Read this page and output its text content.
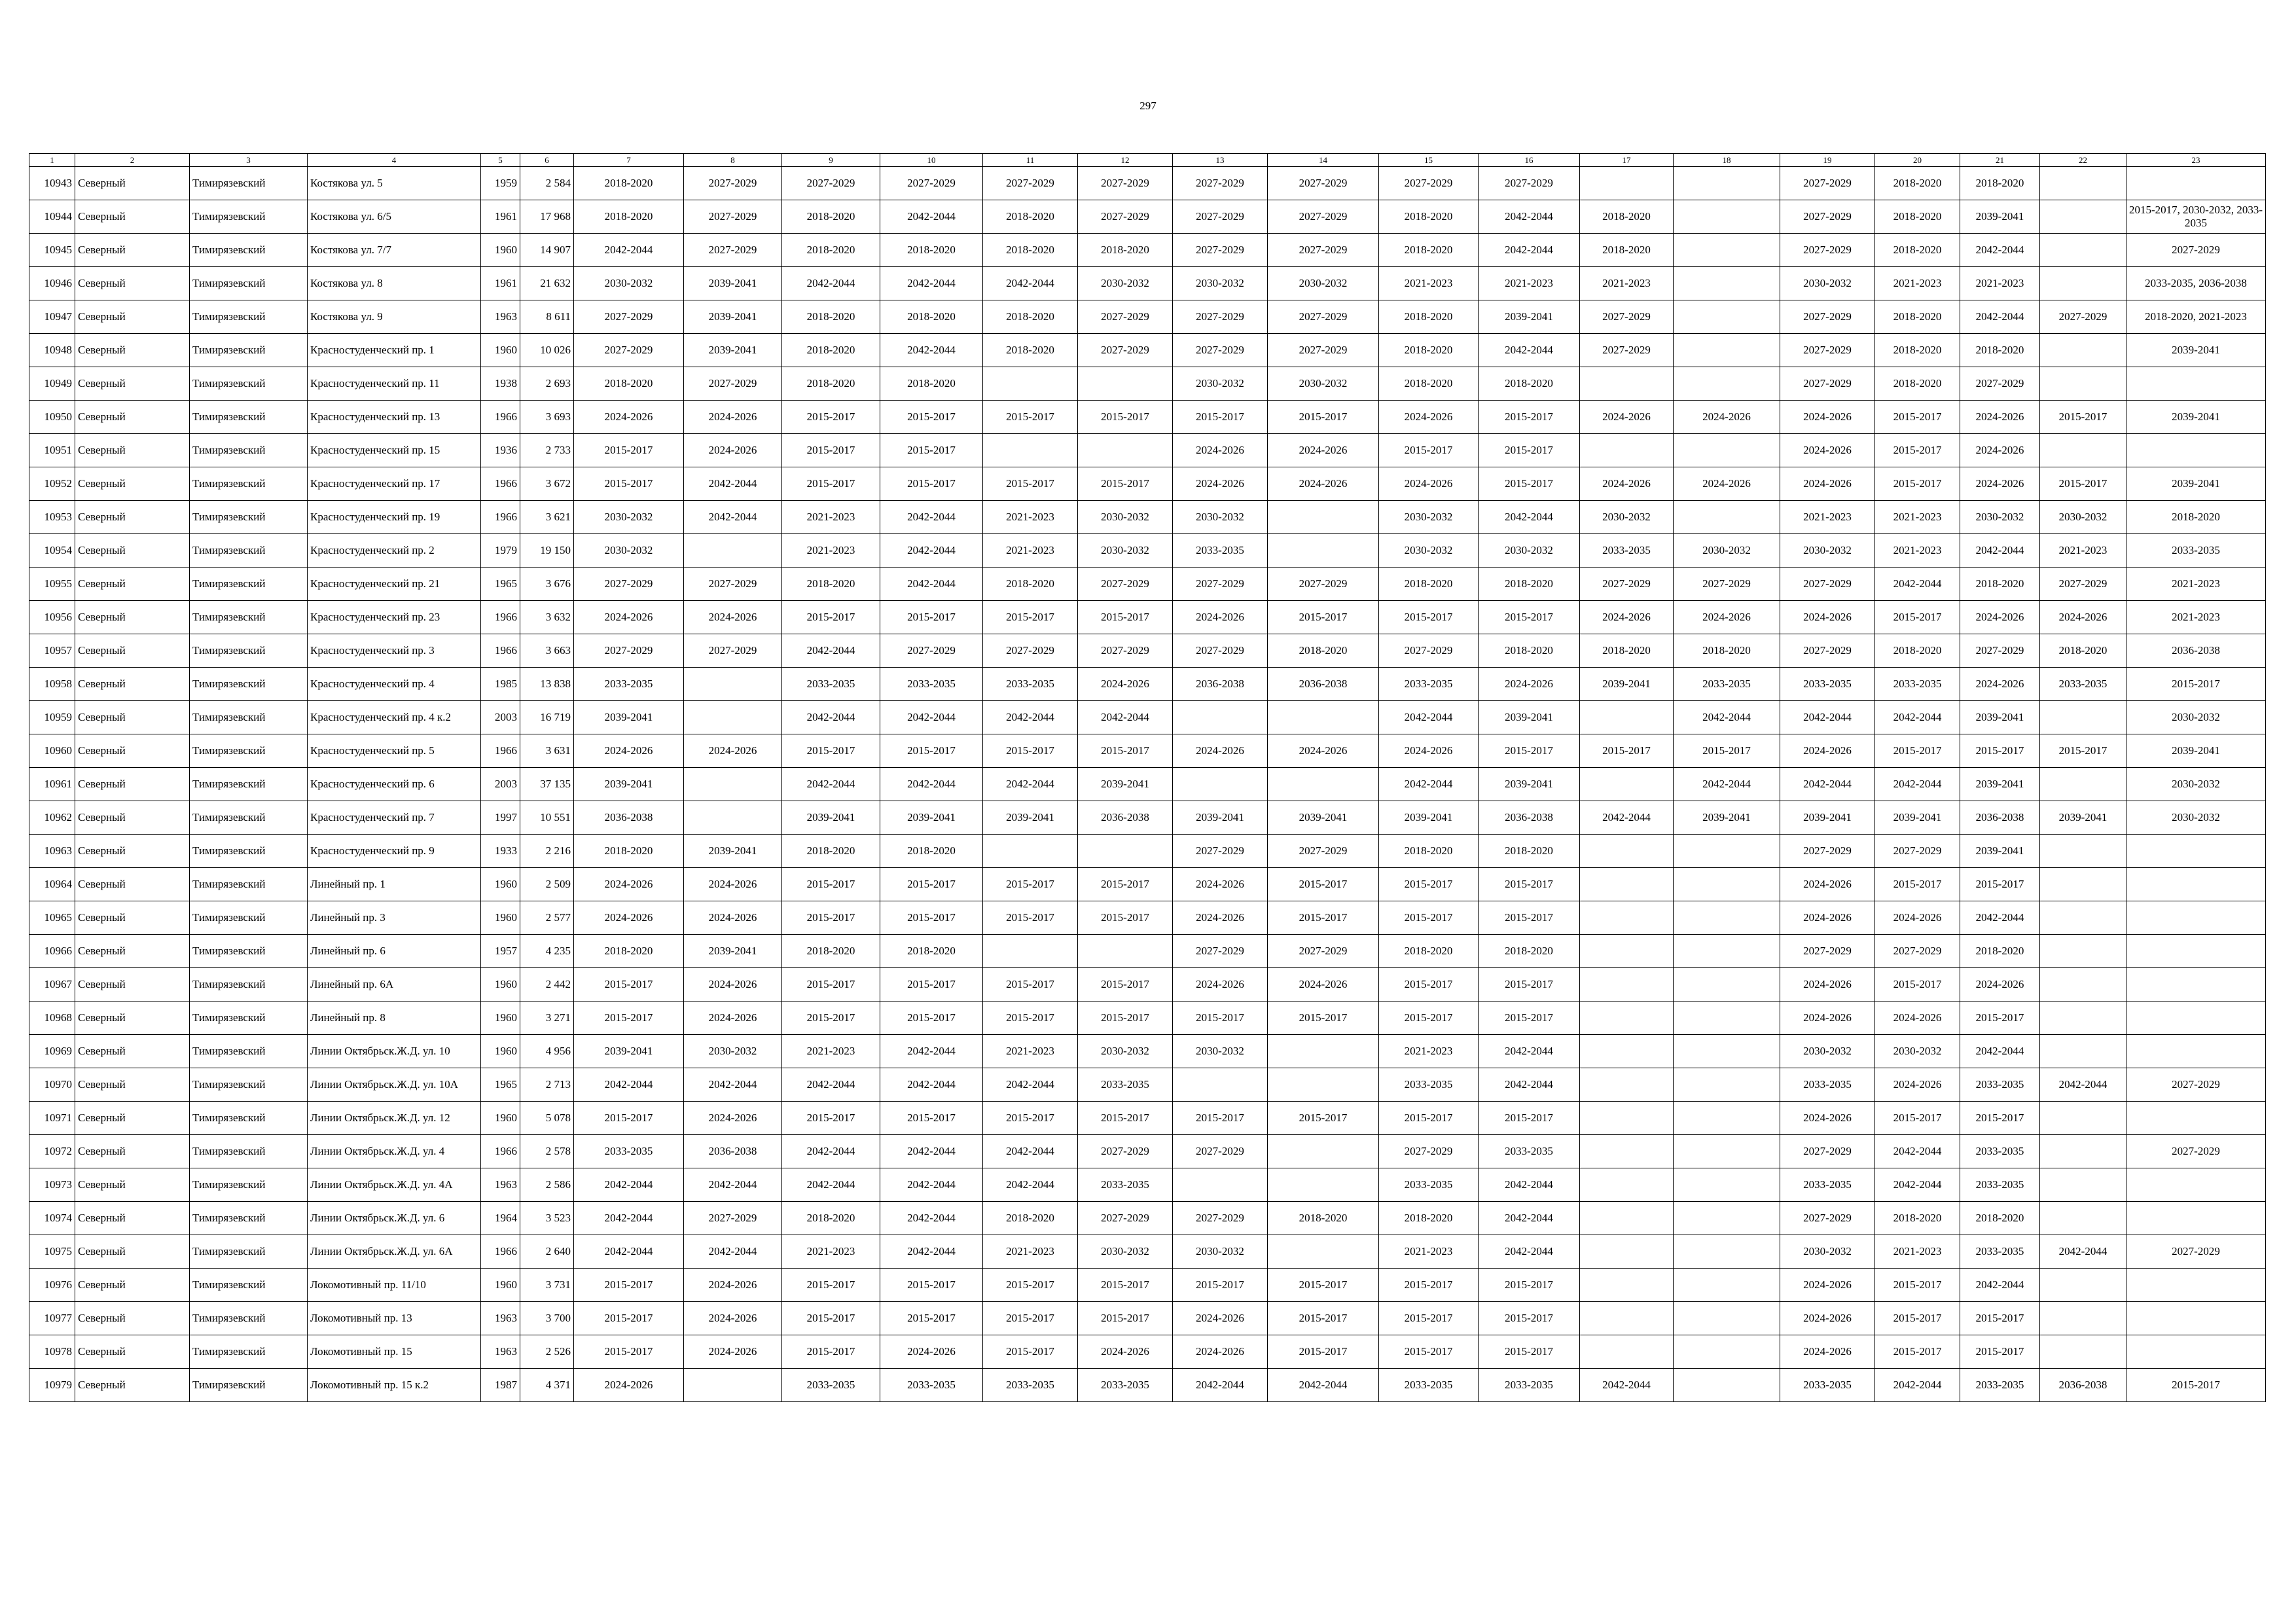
297
1	2	3	4	5	6	7	8	9	10	11	12	13	14	15	16	17	18	19	20	21	22	23
10943	Северный	Тимирязевский	Костякова ул. 5	1959	2 584	2018-2020	2027-2029	2027-2029	2027-2029	2027-2029	2027-2029	2027-2029	2027-2029	2027-2029	2027-2029			2027-2029	2018-2020	2018-2020		
10944	Северный	Тимирязевский	Костякова ул. 6/5	1961	17 968	2018-2020	2027-2029	2018-2020	2042-2044	2018-2020	2027-2029	2027-2029	2027-2029	2018-2020	2042-2044	2018-2020		2027-2029	2018-2020	2039-2041		2015-2017, 2030-2032, 2033-2035
10945	Северный	Тимирязевский	Костякова ул. 7/7	1960	14 907	2042-2044	2027-2029	2018-2020	2018-2020	2018-2020	2018-2020	2027-2029	2027-2029	2018-2020	2042-2044	2018-2020		2027-2029	2018-2020	2042-2044		2027-2029
10946	Северный	Тимирязевский	Костякова ул. 8	1961	21 632	2030-2032	2039-2041	2042-2044	2042-2044	2042-2044	2030-2032	2030-2032	2030-2032	2021-2023	2021-2023	2021-2023		2030-2032	2021-2023	2021-2023		2033-2035, 2036-2038
10947	Северный	Тимирязевский	Костякова ул. 9	1963	8 611	2027-2029	2039-2041	2018-2020	2018-2020	2018-2020	2027-2029	2027-2029	2027-2029	2018-2020	2039-2041	2027-2029		2027-2029	2018-2020	2042-2044	2027-2029	2018-2020, 2021-2023
10948	Северный	Тимирязевский	Красностуденческий пр. 1	1960	10 026	2027-2029	2039-2041	2018-2020	2042-2044	2018-2020	2027-2029	2027-2029	2027-2029	2018-2020	2042-2044	2027-2029		2027-2029	2018-2020	2018-2020		2039-2041
10949	Северный	Тимирязевский	Красностуденческий пр. 11	1938	2 693	2018-2020	2027-2029	2018-2020	2018-2020			2030-2032	2030-2032	2018-2020	2018-2020			2027-2029	2018-2020	2027-2029		
10950	Северный	Тимирязевский	Красностуденческий пр. 13	1966	3 693	2024-2026	2024-2026	2015-2017	2015-2017	2015-2017	2015-2017	2015-2017	2015-2017	2024-2026	2015-2017	2024-2026	2024-2026	2024-2026	2015-2017	2024-2026	2015-2017	2039-2041
10951	Северный	Тимирязевский	Красностуденческий пр. 15	1936	2 733	2015-2017	2024-2026	2015-2017	2015-2017			2024-2026	2024-2026	2015-2017	2015-2017			2024-2026	2015-2017	2024-2026		
10952	Северный	Тимирязевский	Красностуденческий пр. 17	1966	3 672	2015-2017	2042-2044	2015-2017	2015-2017	2015-2017	2015-2017	2024-2026	2024-2026	2024-2026	2015-2017	2024-2026	2024-2026	2024-2026	2015-2017	2024-2026	2015-2017	2039-2041
10953	Северный	Тимирязевский	Красностуденческий пр. 19	1966	3 621	2030-2032	2042-2044	2021-2023	2042-2044	2021-2023	2030-2032	2030-2032		2030-2032	2042-2044	2030-2032		2021-2023	2021-2023	2030-2032	2030-2032	2018-2020
10954	Северный	Тимирязевский	Красностуденческий пр. 2	1979	19 150	2030-2032		2021-2023	2042-2044	2021-2023	2030-2032	2033-2035		2030-2032	2030-2032	2033-2035	2030-2032	2030-2032	2021-2023	2042-2044	2021-2023	2033-2035
10955	Северный	Тимирязевский	Красностуденческий пр. 21	1965	3 676	2027-2029	2027-2029	2018-2020	2042-2044	2018-2020	2027-2029	2027-2029	2027-2029	2018-2020	2018-2020	2027-2029	2027-2029	2027-2029	2042-2044	2018-2020	2027-2029	2021-2023
10956	Северный	Тимирязевский	Красностуденческий пр. 23	1966	3 632	2024-2026	2024-2026	2015-2017	2015-2017	2015-2017	2015-2017	2024-2026	2015-2017	2015-2017	2015-2017	2024-2026	2024-2026	2024-2026	2015-2017	2024-2026	2024-2026	2021-2023
10957	Северный	Тимирязевский	Красностуденческий пр. 3	1966	3 663	2027-2029	2027-2029	2042-2044	2027-2029	2027-2029	2027-2029	2027-2029	2018-2020	2027-2029	2018-2020	2018-2020	2018-2020	2027-2029	2018-2020	2027-2029	2018-2020	2036-2038
10958	Северный	Тимирязевский	Красностуденческий пр. 4	1985	13 838	2033-2035		2033-2035	2033-2035	2033-2035	2024-2026	2036-2038	2036-2038	2033-2035	2024-2026	2039-2041	2033-2035	2033-2035	2033-2035	2024-2026	2033-2035	2015-2017
10959	Северный	Тимирязевский	Красностуденческий пр. 4 к.2	2003	16 719	2039-2041		2042-2044	2042-2044	2042-2044	2042-2044			2042-2044	2039-2041		2042-2044	2042-2044	2042-2044	2039-2041		2030-2032
10960	Северный	Тимирязевский	Красностуденческий пр. 5	1966	3 631	2024-2026	2024-2026	2015-2017	2015-2017	2015-2017	2015-2017	2024-2026	2024-2026	2024-2026	2015-2017	2015-2017	2015-2017	2024-2026	2015-2017	2015-2017	2015-2017	2039-2041
10961	Северный	Тимирязевский	Красностуденческий пр. 6	2003	37 135	2039-2041		2042-2044	2042-2044	2042-2044	2039-2041			2042-2044	2039-2041		2042-2044	2042-2044	2042-2044	2039-2041		2030-2032
10962	Северный	Тимирязевский	Красностуденческий пр. 7	1997	10 551	2036-2038		2039-2041	2039-2041	2039-2041	2036-2038	2039-2041	2039-2041	2039-2041	2036-2038	2042-2044	2039-2041	2039-2041	2039-2041	2036-2038	2039-2041	2030-2032
10963	Северный	Тимирязевский	Красностуденческий пр. 9	1933	2 216	2018-2020	2039-2041	2018-2020	2018-2020			2027-2029	2027-2029	2018-2020	2018-2020			2027-2029	2027-2029	2039-2041		
10964	Северный	Тимирязевский	Линейный пр. 1	1960	2 509	2024-2026	2024-2026	2015-2017	2015-2017	2015-2017	2015-2017	2024-2026	2015-2017	2015-2017	2015-2017			2024-2026	2015-2017	2015-2017		
10965	Северный	Тимирязевский	Линейный пр. 3	1960	2 577	2024-2026	2024-2026	2015-2017	2015-2017	2015-2017	2015-2017	2024-2026	2015-2017	2015-2017	2015-2017			2024-2026	2024-2026	2042-2044		
10966	Северный	Тимирязевский	Линейный пр. 6	1957	4 235	2018-2020	2039-2041	2018-2020	2018-2020			2027-2029	2027-2029	2018-2020	2018-2020			2027-2029	2027-2029	2018-2020		
10967	Северный	Тимирязевский	Линейный пр. 6А	1960	2 442	2015-2017	2024-2026	2015-2017	2015-2017	2015-2017	2015-2017	2024-2026	2024-2026	2015-2017	2015-2017			2024-2026	2015-2017	2024-2026		
10968	Северный	Тимирязевский	Линейный пр. 8	1960	3 271	2015-2017	2024-2026	2015-2017	2015-2017	2015-2017	2015-2017	2015-2017	2015-2017	2015-2017	2015-2017			2024-2026	2024-2026	2015-2017		
10969	Северный	Тимирязевский	Линии Октябрьск.Ж.Д. ул. 10	1960	4 956	2039-2041	2030-2032	2021-2023	2042-2044	2021-2023	2030-2032	2030-2032		2021-2023	2042-2044			2030-2032	2030-2032	2042-2044		
10970	Северный	Тимирязевский	Линии Октябрьск.Ж.Д. ул. 10А	1965	2 713	2042-2044	2042-2044	2042-2044	2042-2044	2042-2044	2033-2035			2033-2035	2042-2044			2033-2035	2024-2026	2033-2035	2042-2044	2027-2029
10971	Северный	Тимирязевский	Линии Октябрьск.Ж.Д. ул. 12	1960	5 078	2015-2017	2024-2026	2015-2017	2015-2017	2015-2017	2015-2017	2015-2017	2015-2017	2015-2017	2015-2017			2024-2026	2015-2017	2015-2017		
10972	Северный	Тимирязевский	Линии Октябрьск.Ж.Д. ул. 4	1966	2 578	2033-2035	2036-2038	2042-2044	2042-2044	2042-2044	2027-2029	2027-2029		2027-2029	2033-2035			2027-2029	2042-2044	2033-2035		2027-2029
10973	Северный	Тимирязевский	Линии Октябрьск.Ж.Д. ул. 4А	1963	2 586	2042-2044	2042-2044	2042-2044	2042-2044	2042-2044	2033-2035			2033-2035	2042-2044			2033-2035	2042-2044	2033-2035		
10974	Северный	Тимирязевский	Линии Октябрьск.Ж.Д. ул. 6	1964	3 523	2042-2044	2027-2029	2018-2020	2042-2044	2018-2020	2027-2029	2027-2029	2018-2020	2018-2020	2042-2044			2027-2029	2018-2020	2018-2020		
10975	Северный	Тимирязевский	Линии Октябрьск.Ж.Д. ул. 6А	1966	2 640	2042-2044	2042-2044	2021-2023	2042-2044	2021-2023	2030-2032	2030-2032		2021-2023	2042-2044			2030-2032	2021-2023	2033-2035	2042-2044	2027-2029
10976	Северный	Тимирязевский	Локомотивный пр. 11/10	1960	3 731	2015-2017	2024-2026	2015-2017	2015-2017	2015-2017	2015-2017	2015-2017	2015-2017	2015-2017	2015-2017			2024-2026	2015-2017	2042-2044		
10977	Северный	Тимирязевский	Локомотивный пр. 13	1963	3 700	2015-2017	2024-2026	2015-2017	2015-2017	2015-2017	2015-2017	2024-2026	2015-2017	2015-2017	2015-2017			2024-2026	2015-2017	2015-2017		
10978	Северный	Тимирязевский	Локомотивный пр. 15	1963	2 526	2015-2017	2024-2026	2015-2017	2024-2026	2015-2017	2024-2026	2024-2026	2015-2017	2015-2017	2015-2017			2024-2026	2015-2017	2015-2017		
10979	Северный	Тимирязевский	Локомотивный пр. 15 к.2	1987	4 371	2024-2026		2033-2035	2033-2035	2033-2035	2033-2035	2042-2044	2042-2044	2033-2035	2033-2035	2042-2044		2033-2035	2042-2044	2033-2035	2036-2038	2015-2017
